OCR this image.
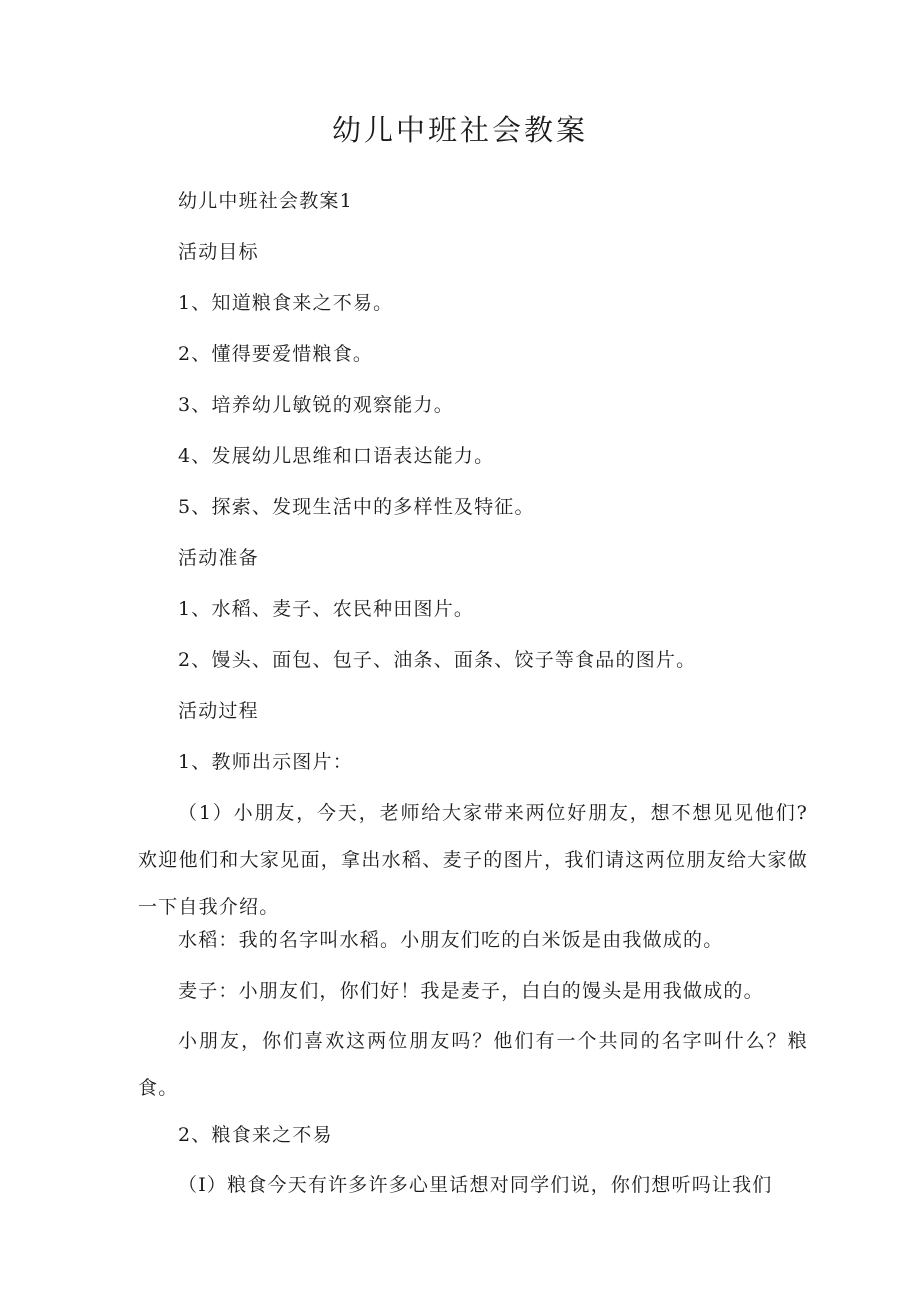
幼儿中班社会教案
幼儿中班社会教案1
活动目标
1、知道粮食来之不易。
2、懂得要爱惜粮食。
3、培养幼儿敏锐的观察能力。
4、发展幼儿思维和口语表达能力。
5、探索、发现生活中的多样性及特征。
活动准备
1、水稻、麦子、农民种田图片。
2、馒头、面包、包子、油条、面条、饺子等食品的图片。
活动过程
1、教师出示图片：
（1）小朋友，今天，老师给大家带来两位好朋友，想不想见见他们?欢迎他们和大家见面，拿出水稻、麦子的图片，我们请这两位朋友给大家做一下自我介绍。
水稻：我的名字叫水稻。小朋友们吃的白米饭是由我做成的。
麦子：小朋友们，你们好！我是麦子，白白的馒头是用我做成的。
小朋友，你们喜欢这两位朋友吗？他们有一个共同的名字叫什么？粮食。
2、粮食来之不易
（I）粮食今天有许多许多心里话想对同学们说，你们想听吗让我们
